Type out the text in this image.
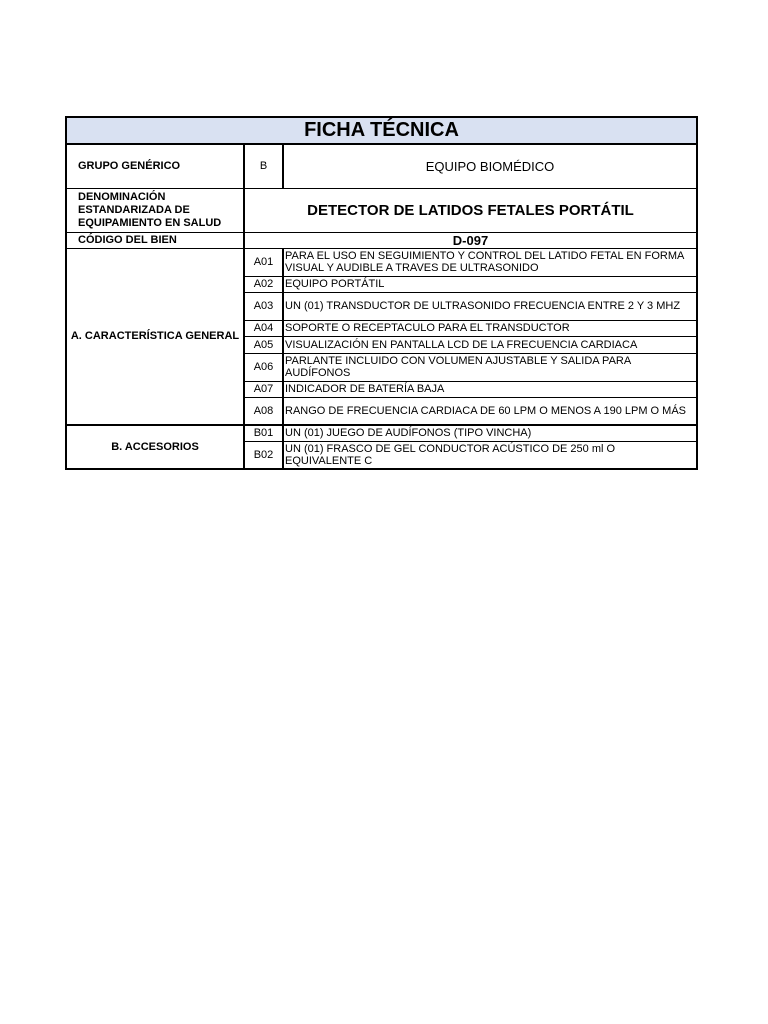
FICHA TÉCNICA		
GRUPO GENÉRICO	B	EQUIPO BIOMÉDICO
DENOMINACIÓN ESTANDARIZADA DE EQUIPAMIENTO EN SALUD	DETECTOR DE LATIDOS FETALES PORTÁTIL	
CÓDIGO DEL BIEN	D-097	
A. CARACTERÍSTICA GENERAL	A01	PARA EL USO EN SEGUIMIENTO Y CONTROL DEL LATIDO FETAL EN FORMA VISUAL Y AUDIBLE A TRAVES DE ULTRASONIDO
	A02	EQUIPO PORTÁTIL
	A03	UN (01) TRANSDUCTOR DE ULTRASONIDO FRECUENCIA ENTRE 2 Y 3 MHZ
	A04	SOPORTE O RECEPTACULO PARA EL TRANSDUCTOR
	A05	VISUALIZACIÓN EN PANTALLA LCD DE LA FRECUENCIA CARDIACA
	A06	PARLANTE INCLUIDO CON VOLUMEN AJUSTABLE Y SALIDA PARA AUDÍFONOS
	A07	INDICADOR DE BATERÍA BAJA
	A08	RANGO DE FRECUENCIA CARDIACA DE 60 LPM O MENOS A 190 LPM O MÁS
B. ACCESORIOS	B01	UN (01) JUEGO DE AUDÍFONOS (TIPO VINCHA)
	B02	UN (01) FRASCO DE GEL CONDUCTOR ACÚSTICO DE 250 ml O EQUIVALENTE C
